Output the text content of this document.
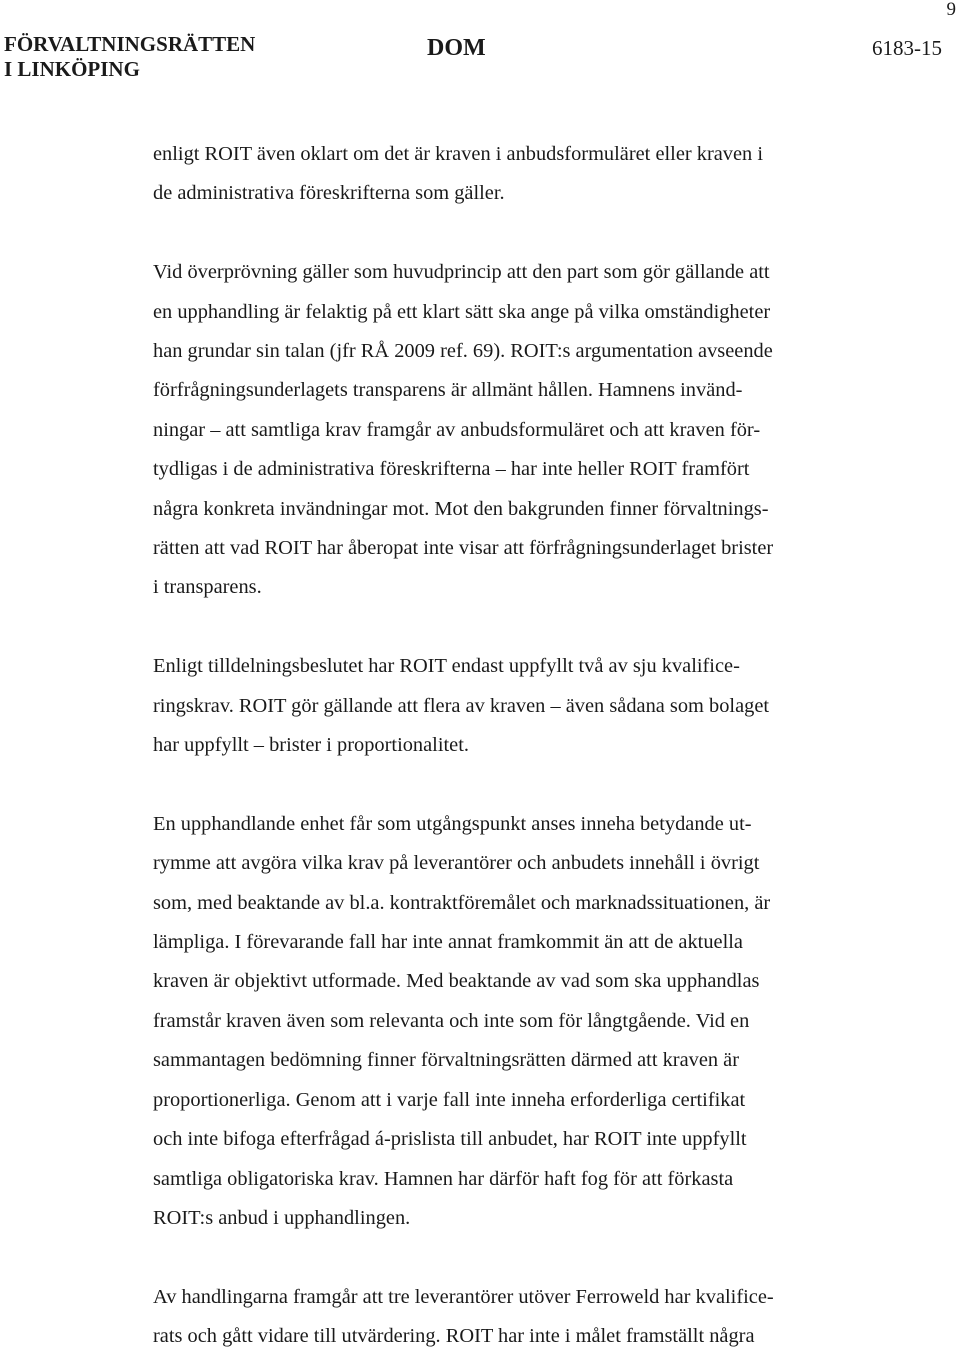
9
FÖRVALTNINGSRÄTTEN
I LINKÖPING
DOM	6183-15

enligt ROIT även oklart om det är kraven i anbudsformuläret eller kraven i
de administrativa föreskrifterna som gäller.

Vid överprövning gäller som huvudprincip att den part som gör gällande att
en upphandling är felaktig på ett klart sätt ska ange på vilka omständigheter
han grundar sin talan (jfr RÅ 2009 ref. 69). ROIT:s argumentation avseende
förfrågningsunderlagets transparens är allmänt hållen. Hamnens invänd-
ningar – att samtliga krav framgår av anbudsformuläret och att kraven för-
tydligas i de administrativa föreskrifterna – har inte heller ROIT framfört
några konkreta invändningar mot. Mot den bakgrunden finner förvaltnings-
rätten att vad ROIT har åberopat inte visar att förfrågningsunderlaget brister
i transparens.

Enligt tilldelningsbeslutet har ROIT endast uppfyllt två av sju kvalifice-
ringskrav. ROIT gör gällande att flera av kraven – även sådana som bolaget
har uppfyllt – brister i proportionalitet.

En upphandlande enhet får som utgångspunkt anses inneha betydande ut-
rymme att avgöra vilka krav på leverantörer och anbudets innehåll i övrigt
som, med beaktande av bl.a. kontraktföremålet och marknadssituationen, är
lämpliga. I förevarande fall har inte annat framkommit än att de aktuella
kraven är objektivt utformade. Med beaktande av vad som ska upphandlas
framstår kraven även som relevanta och inte som för långtgående. Vid en
sammantagen bedömning finner förvaltningsrätten därmed att kraven är
proportionerliga. Genom att i varje fall inte inneha erforderliga certifikat
och inte bifoga efterfrågad á-prislista till anbudet, har ROIT inte uppfyllt
samtliga obligatoriska krav. Hamnen har därför haft fog för att förkasta
ROIT:s anbud i upphandlingen.

Av handlingarna framgår att tre leverantörer utöver Ferroweld har kvalifice-
rats och gått vidare till utvärdering. ROIT har inte i målet framställt några
